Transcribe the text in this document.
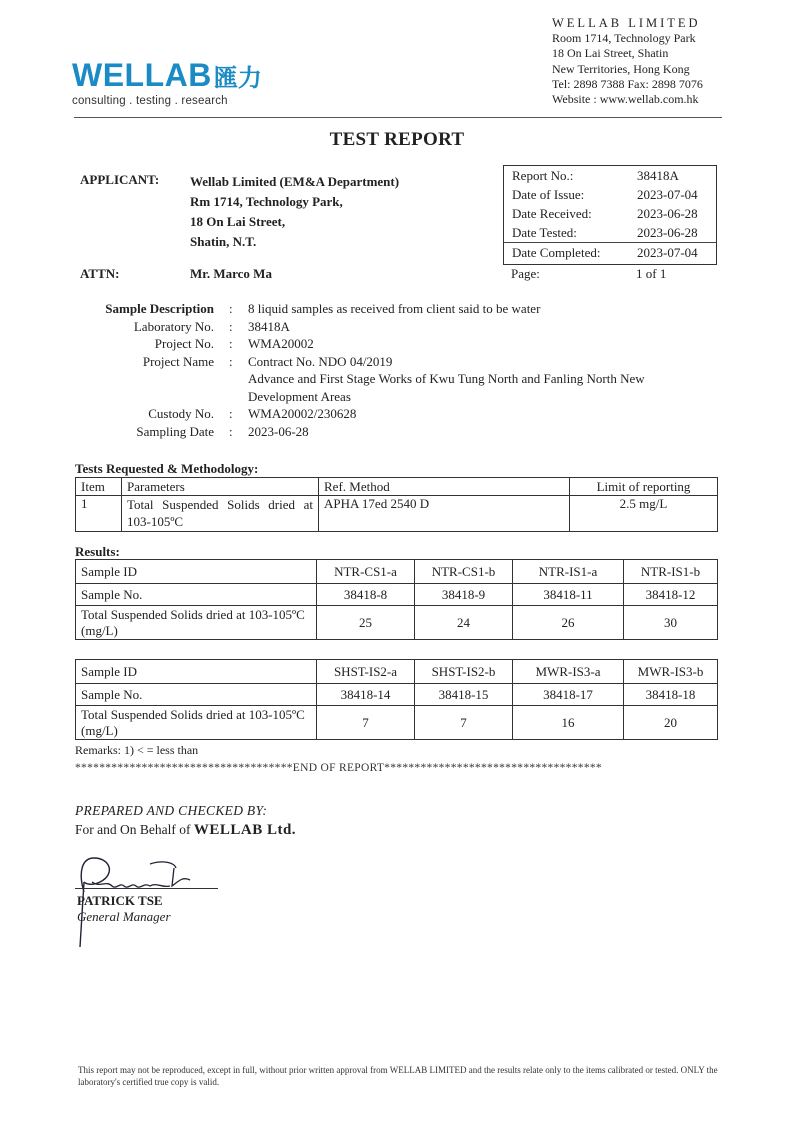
WELLAB匯力
consulting . testing . research
WELLAB LIMITED
Room 1714, Technology Park
18 On Lai Street, Shatin
New Territories, Hong Kong
Tel: 2898 7388 Fax: 2898 7076
Website : www.wellab.com.hk
TEST REPORT
APPLICANT: Wellab Limited (EM&A Department)
Rm 1714, Technology Park,
18 On Lai Street,
Shatin, N.T.
ATTN:	Mr. Marco Ma
Report No.:	38418A
Date of Issue:	2023-07-04
Date Received:	2023-06-28
Date Tested:	2023-06-28
Date Completed:	2023-07-04
Page:	1 of 1
Sample Description : 8 liquid samples as received from client said to be water
Laboratory No. : 38418A
Project No. : WMA20002
Project Name : Contract No. NDO 04/2019
Advance and First Stage Works of Kwu Tung North and Fanling North New
Development Areas
Custody No. : WMA20002/230628
Sampling Date : 2023-06-28
Tests Requested & Methodology:
Item	Parameters	Ref. Method	Limit of reporting
1	Total Suspended Solids dried at 103-105ºC	APHA 17ed 2540 D	2.5 mg/L
Results:
Sample ID	NTR-CS1-a	NTR-CS1-b	NTR-IS1-a	NTR-IS1-b
Sample No.	38418-8	38418-9	38418-11	38418-12
Total Suspended Solids dried at 103-105ºC (mg/L)	25	24	26	30
Sample ID	SHST-IS2-a	SHST-IS2-b	MWR-IS3-a	MWR-IS3-b
Sample No.	38418-14	38418-15	38418-17	38418-18
Total Suspended Solids dried at 103-105ºC (mg/L)	7	7	16	20
Remarks: 1) < = less than
************************************END OF REPORT************************************
PREPARED AND CHECKED BY:
For and On Behalf of WELLAB Ltd.
PATRICK TSE
General Manager
This report may not be reproduced, except in full, without prior written approval from WELLAB LIMITED and the results relate only to the items calibrated or tested. ONLY the laboratory's certified true copy is valid.
